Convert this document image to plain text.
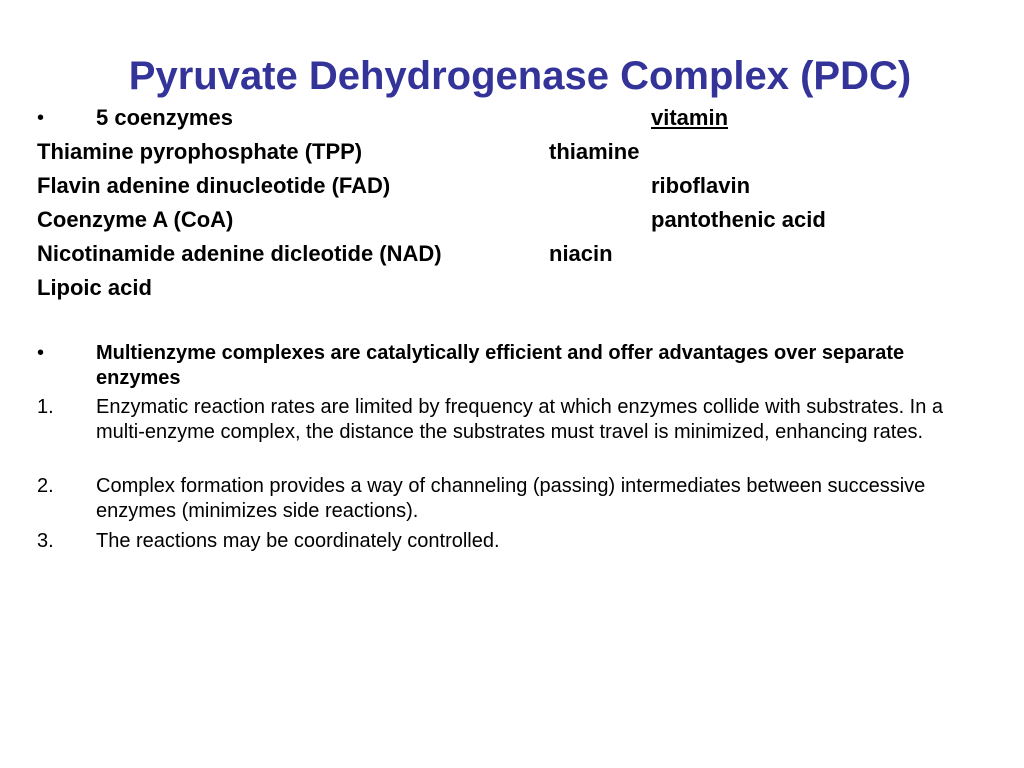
Pyruvate Dehydrogenase Complex (PDC)
• 5 coenzymes	vitamin
Thiamine pyrophosphate (TPP)	thiamine
Flavin adenine dinucleotide (FAD)	riboflavin
Coenzyme A (CoA)	pantothenic acid
Nicotinamide adenine dicleotide (NAD)	niacin
Lipoic acid
•	Multienzyme complexes are catalytically efficient and offer advantages over separate enzymes
1. Enzymatic reaction rates are limited by frequency at which enzymes collide with substrates. In a multi-enzyme complex, the distance the substrates must travel is minimized, enhancing rates.
2. Complex formation provides a way of channeling (passing) intermediates between successive enzymes (minimizes side reactions).
3. The reactions may be coordinately controlled.
